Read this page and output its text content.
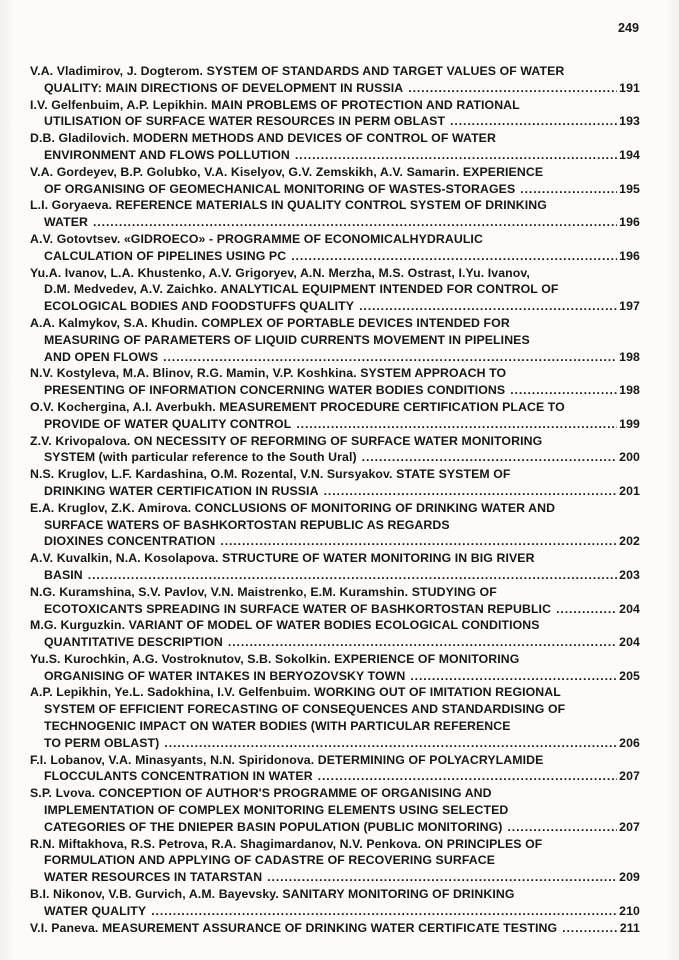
249
V.A. Vladimirov, J. Dogterom. SYSTEM OF STANDARDS AND TARGET VALUES OF WATER
QUALITY: MAIN DIRECTIONS OF DEVELOPMENT IN RUSSIA .....	191
I.V. Gelfenbuim, A.P. Lepikhin. MAIN PROBLEMS OF PROTECTION AND RATIONAL
UTILISATION OF SURFACE WATER RESOURCES IN PERM OBLAST .....	193
D.B. Gladilovich. MODERN METHODS AND DEVICES OF CONTROL OF WATER
ENVIRONMENT AND FLOWS POLLUTION .....	194
V.A. Gordeyev, B.P. Golubko, V.A. Kiselyov, G.V. Zemskikh, A.V. Samarin. EXPERIENCE
OF ORGANISING OF GEOMECHANICAL MONITORING OF WASTES-STORAGES .....	195
L.I. Goryaeva. REFERENCE MATERIALS IN QUALITY CONTROL SYSTEM OF DRINKING
WATER .....	196
A.V. Gotovtsev. «GIDROECO» - PROGRAMME OF ECONOMICALHYDRAULIC
CALCULATION OF PIPELINES USING PC .....	196
Yu.A. Ivanov, L.A. Khustenko, A.V. Grigoryev, A.N. Merzha, M.S. Ostrast, I.Yu. Ivanov,
D.M. Medvedev, A.V. Zaichko. ANALYTICAL EQUIPMENT INTENDED FOR CONTROL OF
ECOLOGICAL BODIES AND FOODSTUFFS QUALITY .....	197
A.A. Kalmykov, S.A. Khudin. COMPLEX OF PORTABLE DEVICES INTENDED FOR
MEASURING OF PARAMETERS OF LIQUID CURRENTS MOVEMENT IN PIPELINES
AND OPEN FLOWS .....	198
N.V. Kostyleva, M.A. Blinov, R.G. Mamin, V.P. Koshkina. SYSTEM APPROACH TO
PRESENTING OF INFORMATION CONCERNING WATER BODIES CONDITIONS .....	198
O.V. Kochergina, A.I. Averbukh. MEASUREMENT PROCEDURE CERTIFICATION PLACE TO
PROVIDE OF WATER QUALITY CONTROL .....	199
Z.V. Krivopalova. ON NECESSITY OF REFORMING OF SURFACE WATER MONITORING
SYSTEM (with particular reference to the South Ural) .....	200
N.S. Kruglov, L.F. Kardashina, O.M. Rozental, V.N. Sursyakov. STATE SYSTEM OF
DRINKING WATER CERTIFICATION IN RUSSIA .....	201
E.A. Kruglov, Z.K. Amirova. CONCLUSIONS OF MONITORING OF DRINKING WATER AND
SURFACE WATERS OF BASHKORTOSTAN REPUBLIC AS REGARDS
DIOXINES CONCENTRATION .....	202
A.V. Kuvalkin, N.A. Kosolapova. STRUCTURE OF WATER MONITORING IN BIG RIVER
BASIN .....	203
N.G. Kuramshina, S.V. Pavlov, V.N. Maistrenko, E.M. Kuramshin. STUDYING OF
ECOTOXICANTS SPREADING IN SURFACE WATER OF BASHKORTOSTAN REPUBLIC .....	204
M.G. Kurguzkin. VARIANT OF MODEL OF WATER BODIES ECOLOGICAL CONDITIONS
QUANTITATIVE DESCRIPTION .....	204
Yu.S. Kurochkin, A.G. Vostroknutov, S.B. Sokolkin. EXPERIENCE OF MONITORING
ORGANISING OF WATER INTAKES IN BERYOZOVSKY TOWN .....	205
A.P. Lepikhin, Ye.L. Sadokhina, I.V. Gelfenbuim. WORKING OUT OF IMITATION REGIONAL
SYSTEM OF EFFICIENT FORECASTING OF CONSEQUENCES AND STANDARDISING OF
TECHNOGENIC IMPACT ON WATER BODIES (WITH PARTICULAR REFERENCE
TO PERM OBLAST) .....	206
F.I. Lobanov, V.A. Minasyants, N.N. Spiridonova. DETERMINING OF POLYACRYLAMIDE
FLOCCULANTS CONCENTRATION IN WATER .....	207
S.P. Lvova. CONCEPTION OF AUTHOR'S PROGRAMME OF ORGANISING AND
IMPLEMENTATION OF COMPLEX MONITORING ELEMENTS USING SELECTED
CATEGORIES OF THE DNIEPER BASIN POPULATION (PUBLIC MONITORING) .....	207
R.N. Miftakhova, R.S. Petrova, R.A. Shagimardanov, N.V. Penkova. ON PRINCIPLES OF
FORMULATION AND APPLYING OF CADASTRE OF RECOVERING SURFACE
WATER RESOURCES IN TATARSTAN .....	209
B.I. Nikonov, V.B. Gurvich, A.M. Bayevsky. SANITARY MONITORING OF DRINKING
WATER QUALITY .....	210
V.I. Paneva. MEASUREMENT ASSURANCE OF DRINKING WATER CERTIFICATE TESTING .....	211
